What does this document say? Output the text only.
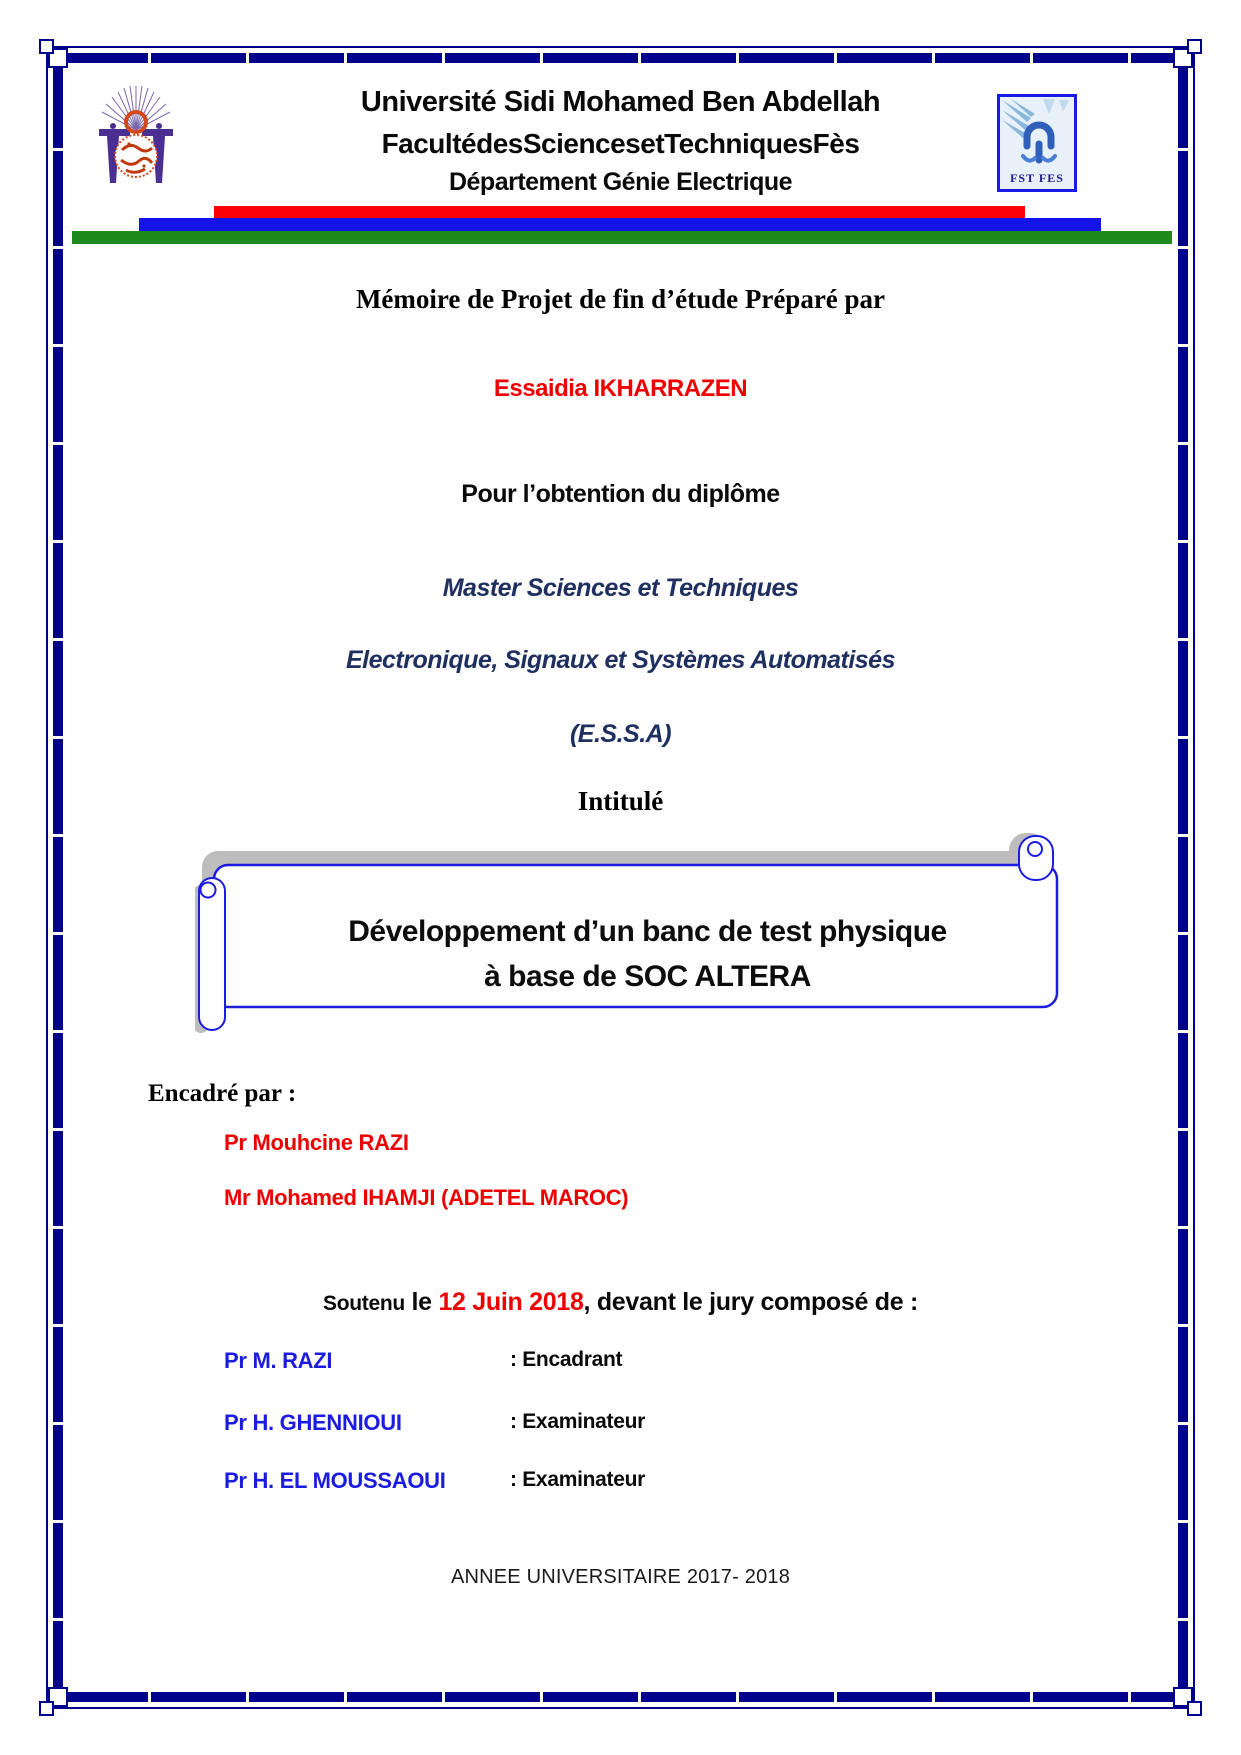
FST FES
Université Sidi Mohamed Ben Abdellah
FacultédesSciencesetTechniquesFès
Département Génie Electrique
Mémoire de Projet de fin d’étude Préparé par
Essaidia IKHARRAZEN
Pour l’obtention du diplôme
Master Sciences et Techniques
Electronique, Signaux et Systèmes Automatisés
(E.S.S.A)
Intitulé
Développement d’un banc de test physique
à base de SOC ALTERA
Encadré par :
Pr Mouhcine RAZI
Mr Mohamed IHAMJI (ADETEL MAROC)
Soutenu le 12 Juin 2018, devant le jury composé de :
Pr M. RAZI	: Encadrant
Pr H. GHENNIOUI	: Examinateur
Pr H. EL MOUSSAOUI	: Examinateur
ANNEE UNIVERSITAIRE 2017- 2018
